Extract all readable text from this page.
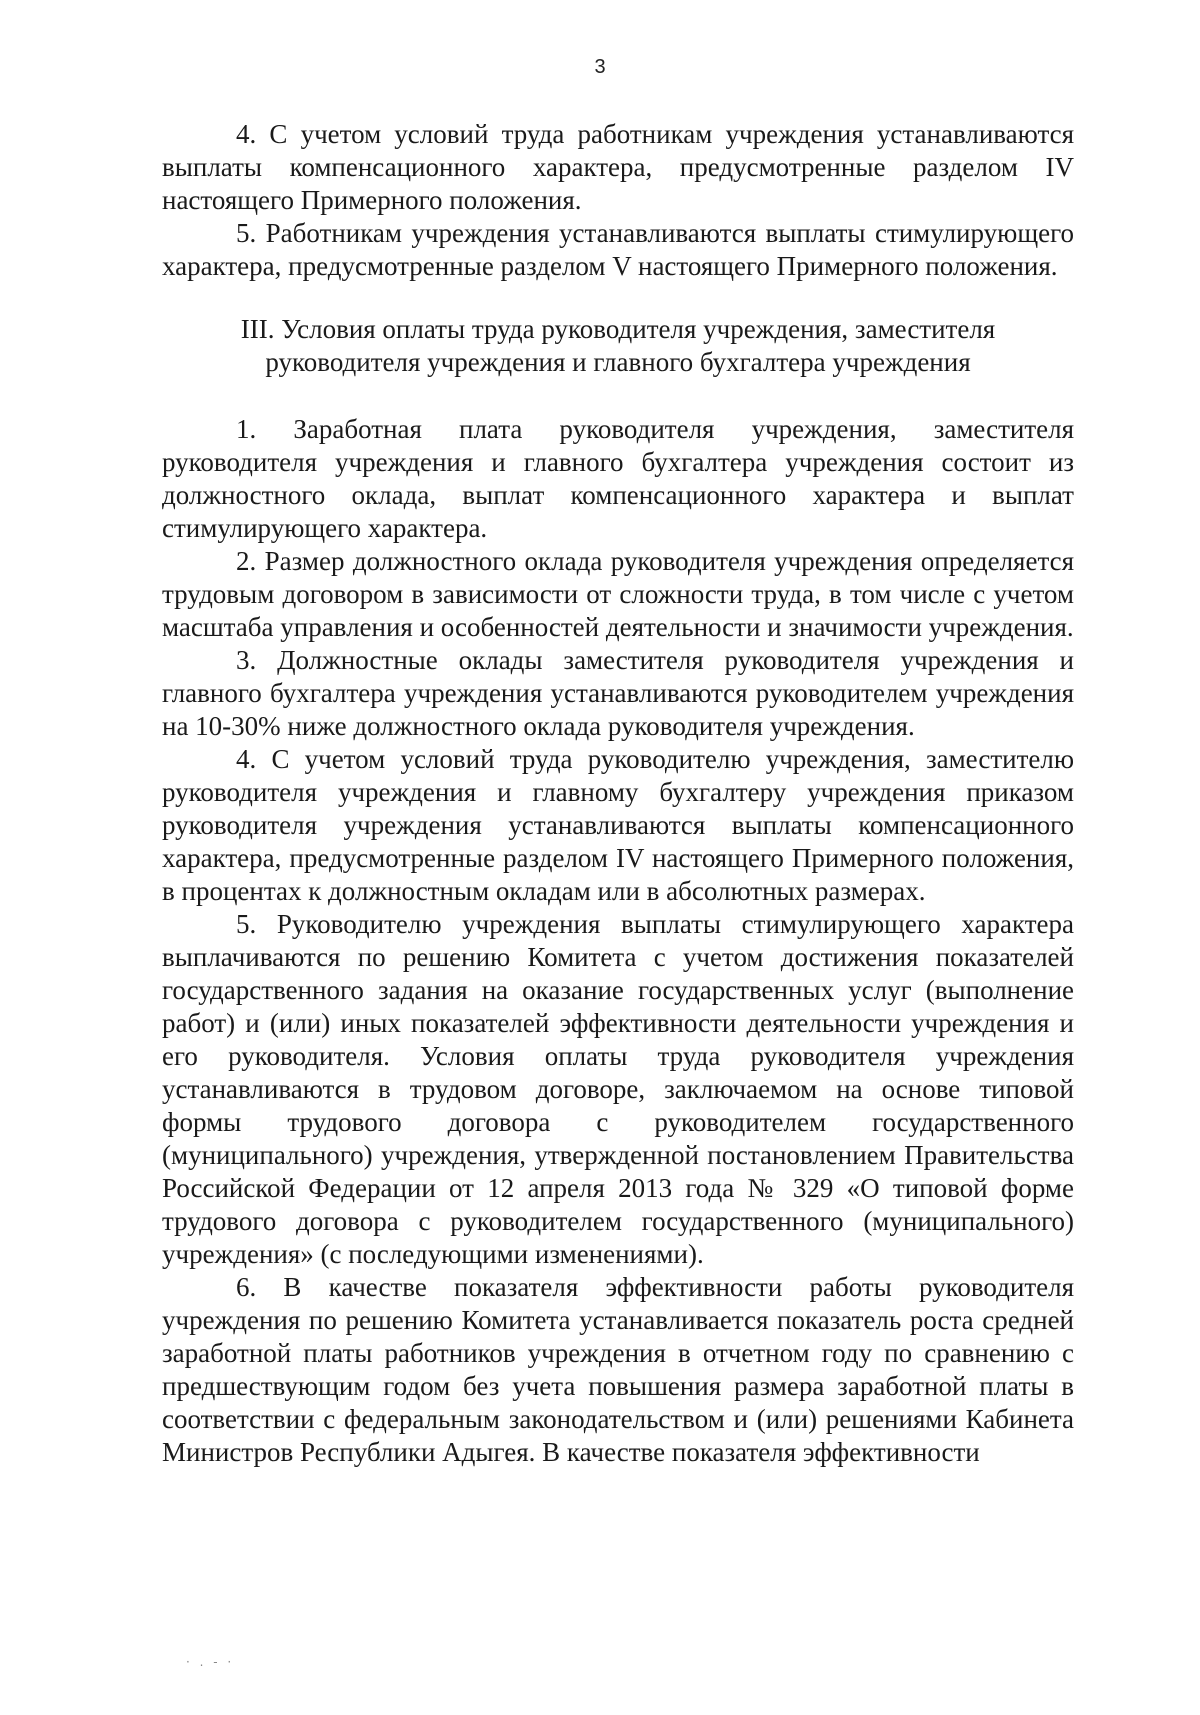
3

4. С учетом условий труда работникам учреждения устанавливаются выплаты компенсационного характера, предусмотренные разделом IV настоящего Примерного положения.

5. Работникам учреждения устанавливаются выплаты стимулирующего характера, предусмотренные разделом V настоящего Примерного положения.

III. Условия оплаты труда руководителя учреждения, заместителя
руководителя учреждения и главного бухгалтера учреждения

1. Заработная плата руководителя учреждения, заместителя руководителя учреждения и главного бухгалтера учреждения состоит из должностного оклада, выплат компенсационного характера и выплат стимулирующего характера.

2. Размер должностного оклада руководителя учреждения определяется трудовым договором в зависимости от сложности труда, в том числе с учетом масштаба управления и особенностей деятельности и значимости учреждения.

3. Должностные оклады заместителя руководителя учреждения и главного бухгалтера учреждения устанавливаются руководителем учреждения на 10-30% ниже должностного оклада руководителя учреждения.

4. С учетом условий труда руководителю учреждения, заместителю руководителя учреждения и главному бухгалтеру учреждения приказом руководителя учреждения устанавливаются выплаты компенсационного характера, предусмотренные разделом IV настоящего Примерного положения, в процентах к должностным окладам или в абсолютных размерах.

5. Руководителю учреждения выплаты стимулирующего характера выплачиваются по решению Комитета с учетом достижения показателей государственного задания на оказание государственных услуг (выполнение работ) и (или) иных показателей эффективности деятельности учреждения и его руководителя. Условия оплаты труда руководителя учреждения устанавливаются в трудовом договоре, заключаемом на основе типовой формы трудового договора с руководителем государственного (муниципального) учреждения, утвержденной постановлением Правительства Российской Федерации от 12 апреля 2013 года № 329 «О типовой форме трудового договора с руководителем государственного (муниципального) учреждения» (с последующими изменениями).

6. В качестве показателя эффективности работы руководителя учреждения по решению Комитета устанавливается показатель роста средней заработной платы работников учреждения в отчетном году по сравнению с предшествующим годом без учета повышения размера заработной платы в соответствии с федеральным законодательством и (или) решениями Кабинета Министров Республики Адыгея. В качестве показателя эффективности

· . - ·
